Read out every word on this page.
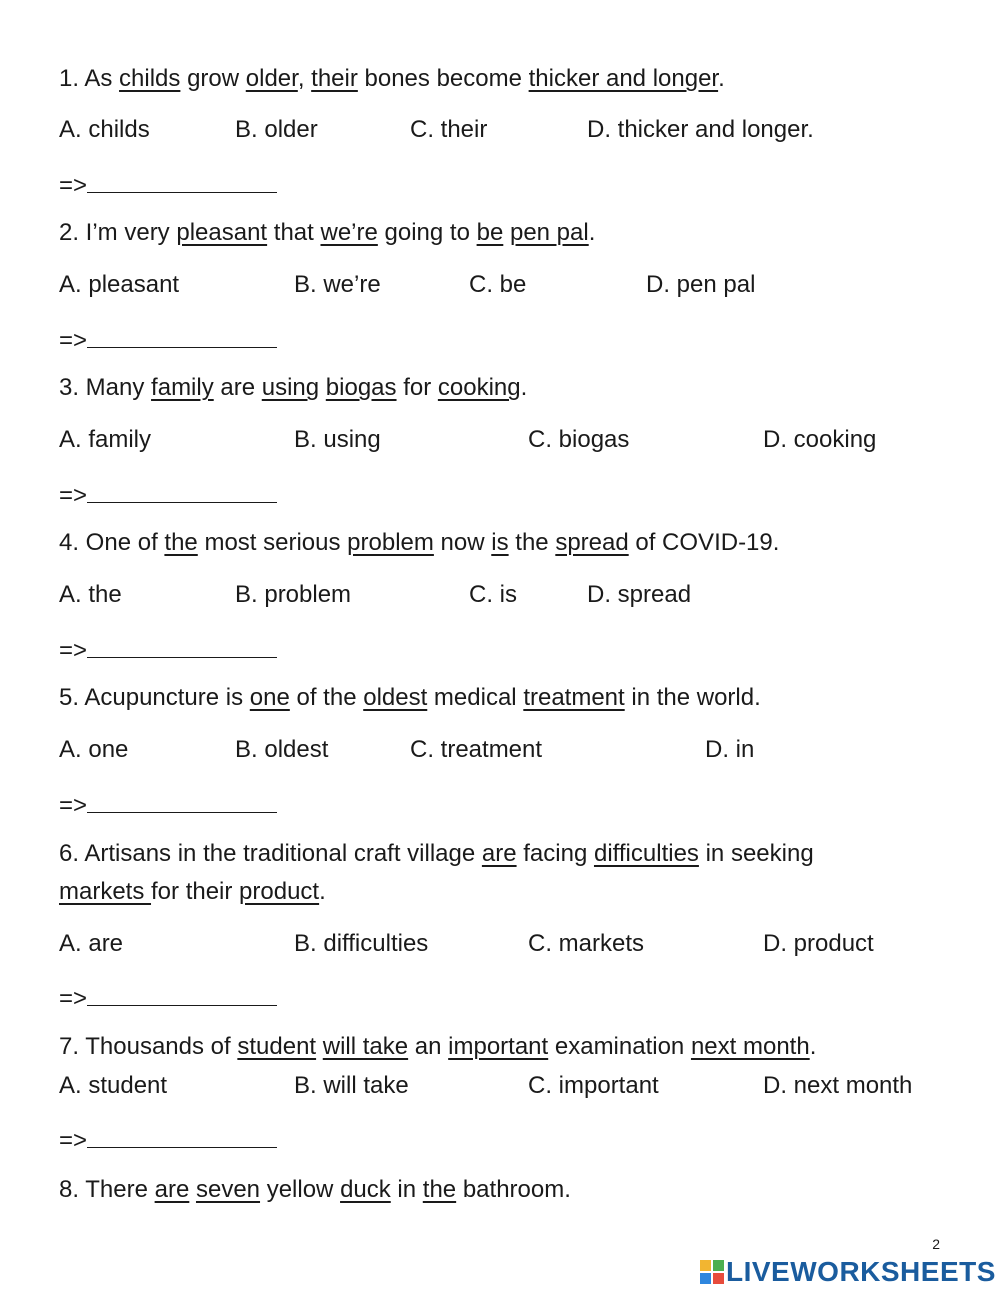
1. As childs grow older, their bones become thicker and longer.
A. childs	B. older	C. their	D. thicker and longer.
=>
2. I’m very pleasant that we’re going to be pen pal.
A. pleasant	B. we’re	C. be	D. pen pal
=>
3. Many family are using biogas for cooking.
A. family	B. using	C. biogas	D. cooking
=>
4. One of the most serious problem now is the spread of COVID-19.
A. the	B. problem	C. is	D. spread
=>
5. Acupuncture is one of the oldest medical treatment in the world.
A. one	B. oldest	C. treatment	D. in
=>
6. Artisans in the traditional craft village are facing difficulties in seeking
markets for their product.
A. are	B. difficulties	C. markets	D. product
=>
7. Thousands of student will take an important examination next month.
A. student	B. will take	C. important	D. next month
=>
8. There are seven yellow duck in the bathroom.
2
LIVEWORKSHEETS
